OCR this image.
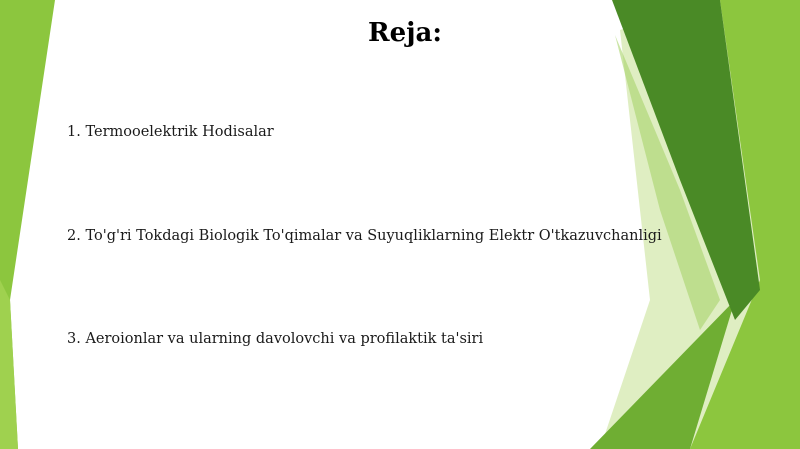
Reja:

1. Termooelektrik Hodisalar

2. To'g'ri Tokdagi Biologik To'qimalar va Suyuqliklarning Elektr O'tkazuvchanligi

3. Aeroionlar va ularning davolovchi va profilaktik ta'siri
